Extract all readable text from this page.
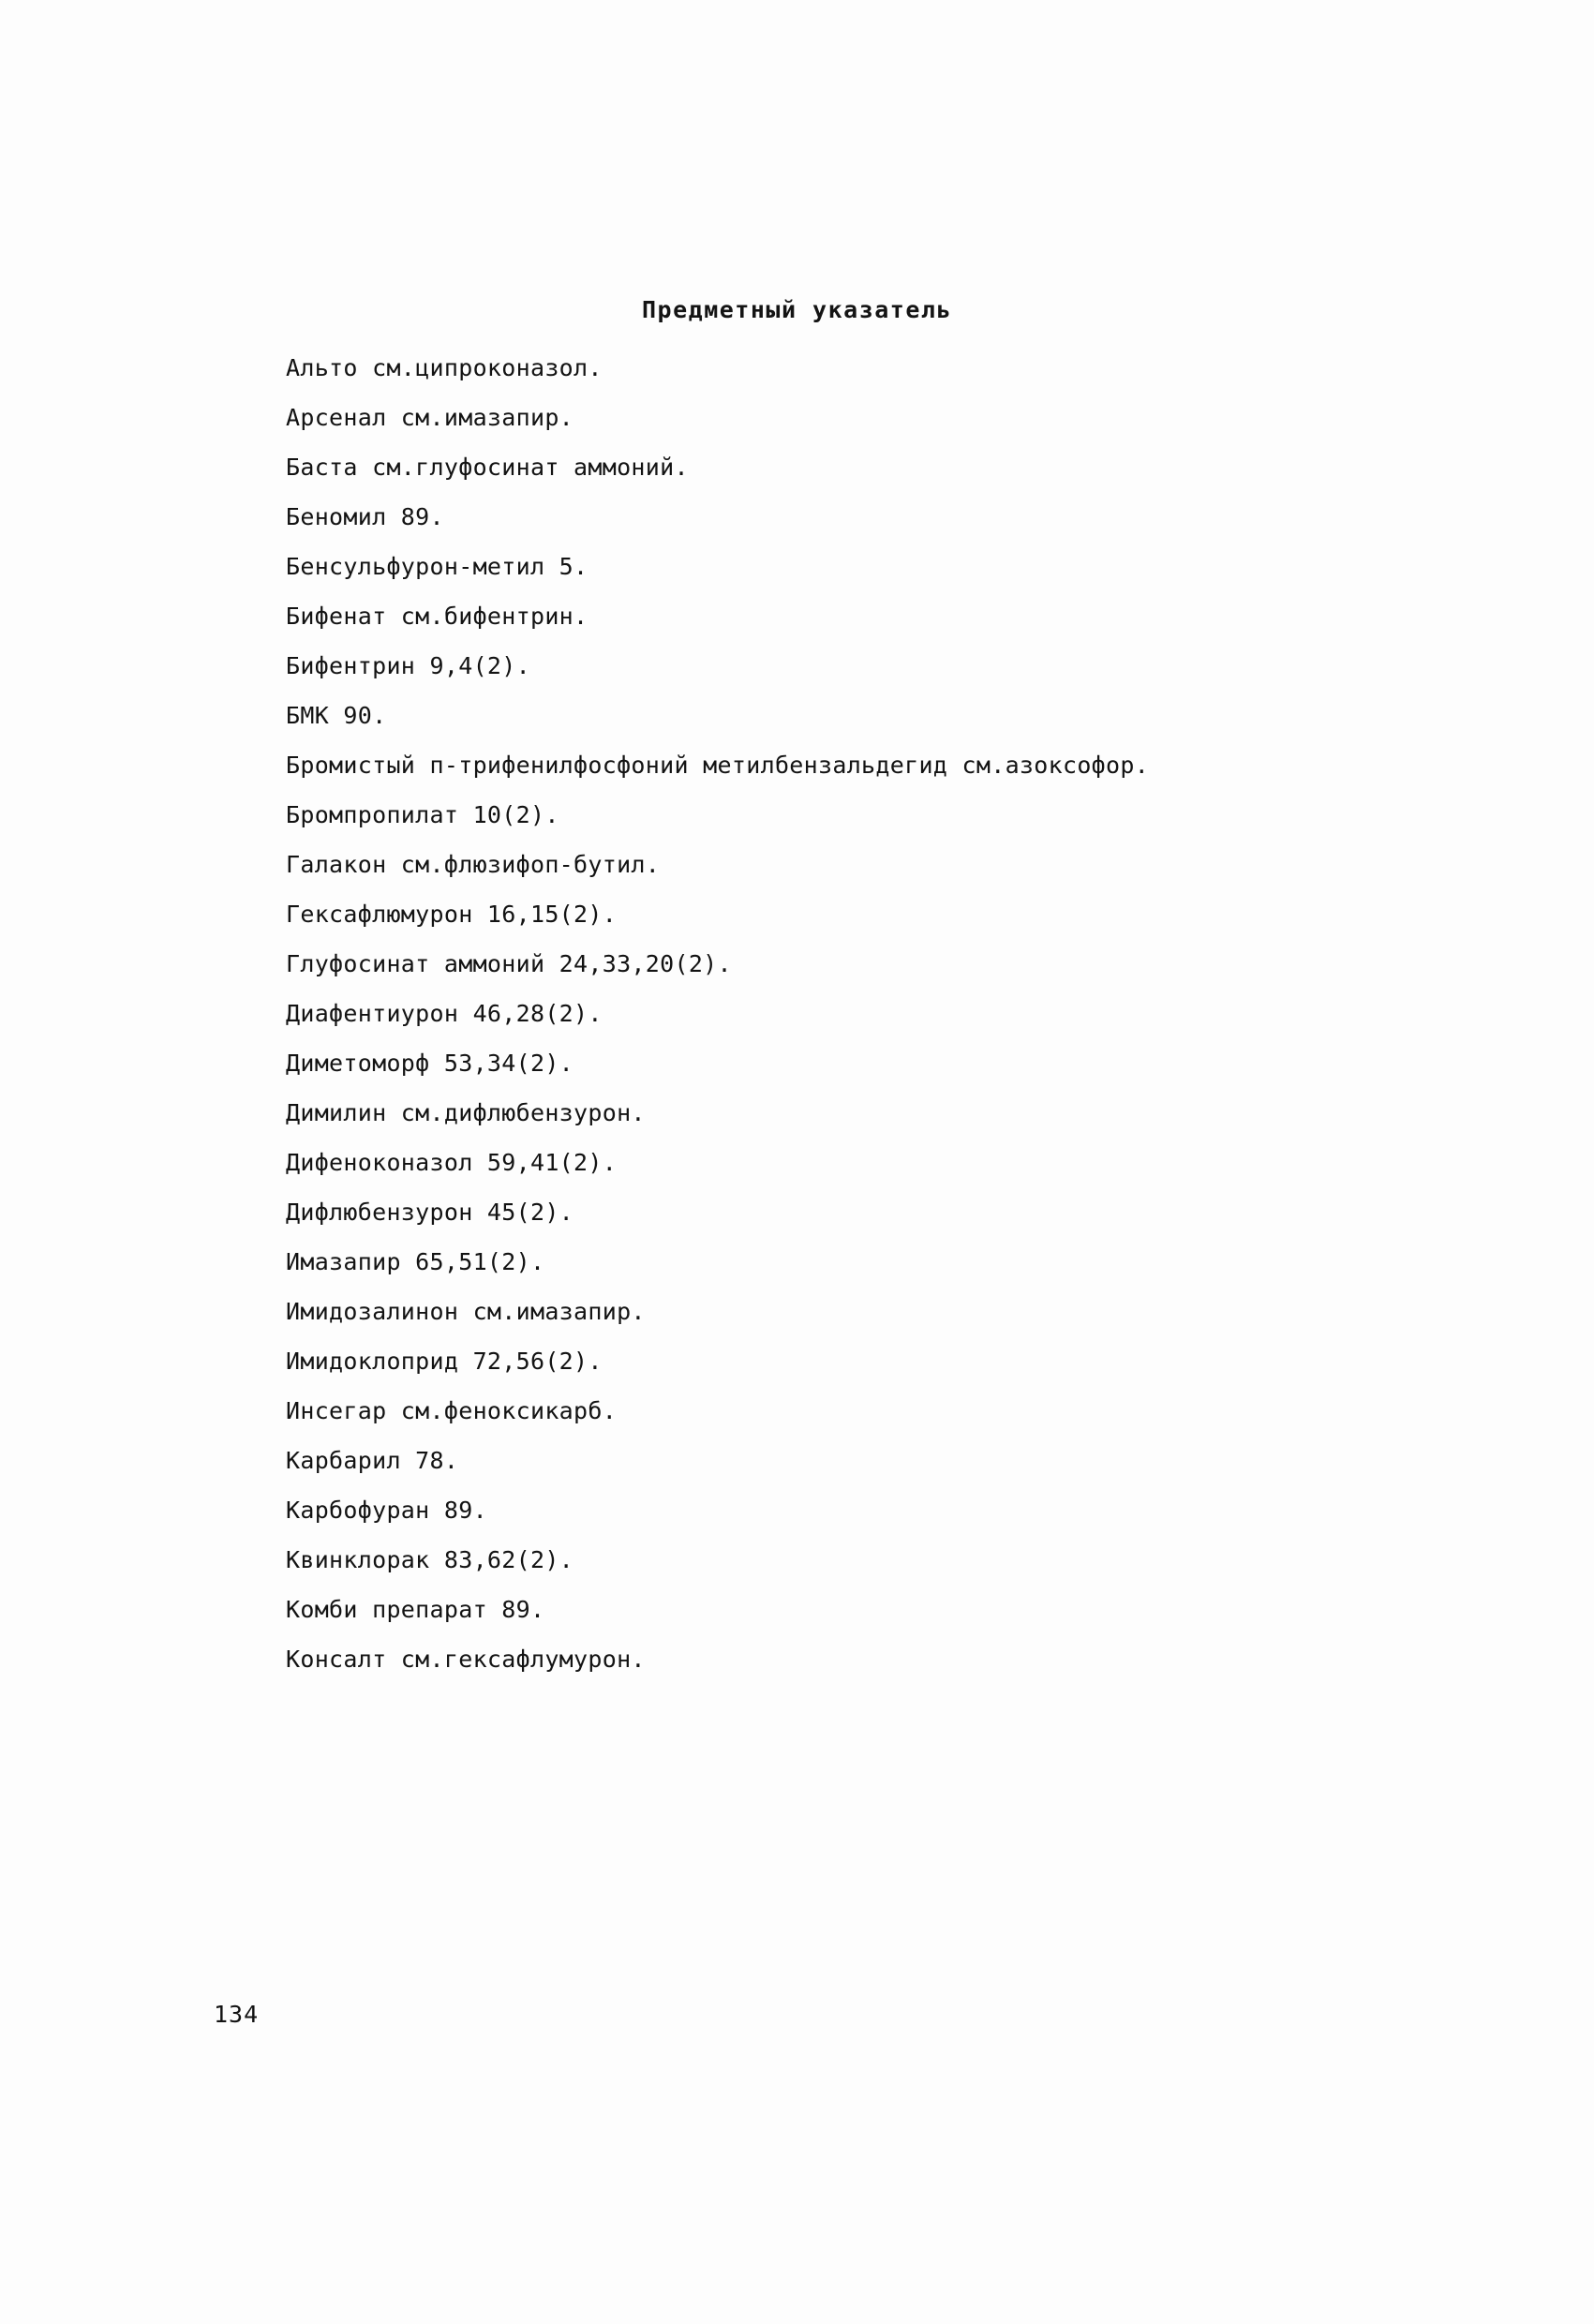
Предметный указатель
Альто см.ципроконазол.
Арсенал см.имазапир.
Баста см.глуфосинат аммоний.
Беномил 89.
Бенсульфурон-метил 5.
Бифенат см.бифентрин.
Бифентрин 9,4(2).
БМК 90.
Бромистый п-трифенилфосфоний метилбензальдегид см.азоксофор.
Бромпропилат 10(2).
Галакон см.флюзифоп-бутил.
Гексафлюмурон 16,15(2).
Глуфосинат аммоний 24,33,20(2).
Диафентиурон 46,28(2).
Диметоморф 53,34(2).
Димилин см.дифлюбензурон.
Дифеноконазол 59,41(2).
Дифлюбензурон 45(2).
Имазапир 65,51(2).
Имидозалинон см.имазапир.
Имидоклоприд 72,56(2).
Инсегар см.феноксикарб.
Карбарил 78.
Карбофуран 89.
Квинклорак 83,62(2).
Комби препарат 89.
Консалт см.гексафлумурон.
134
